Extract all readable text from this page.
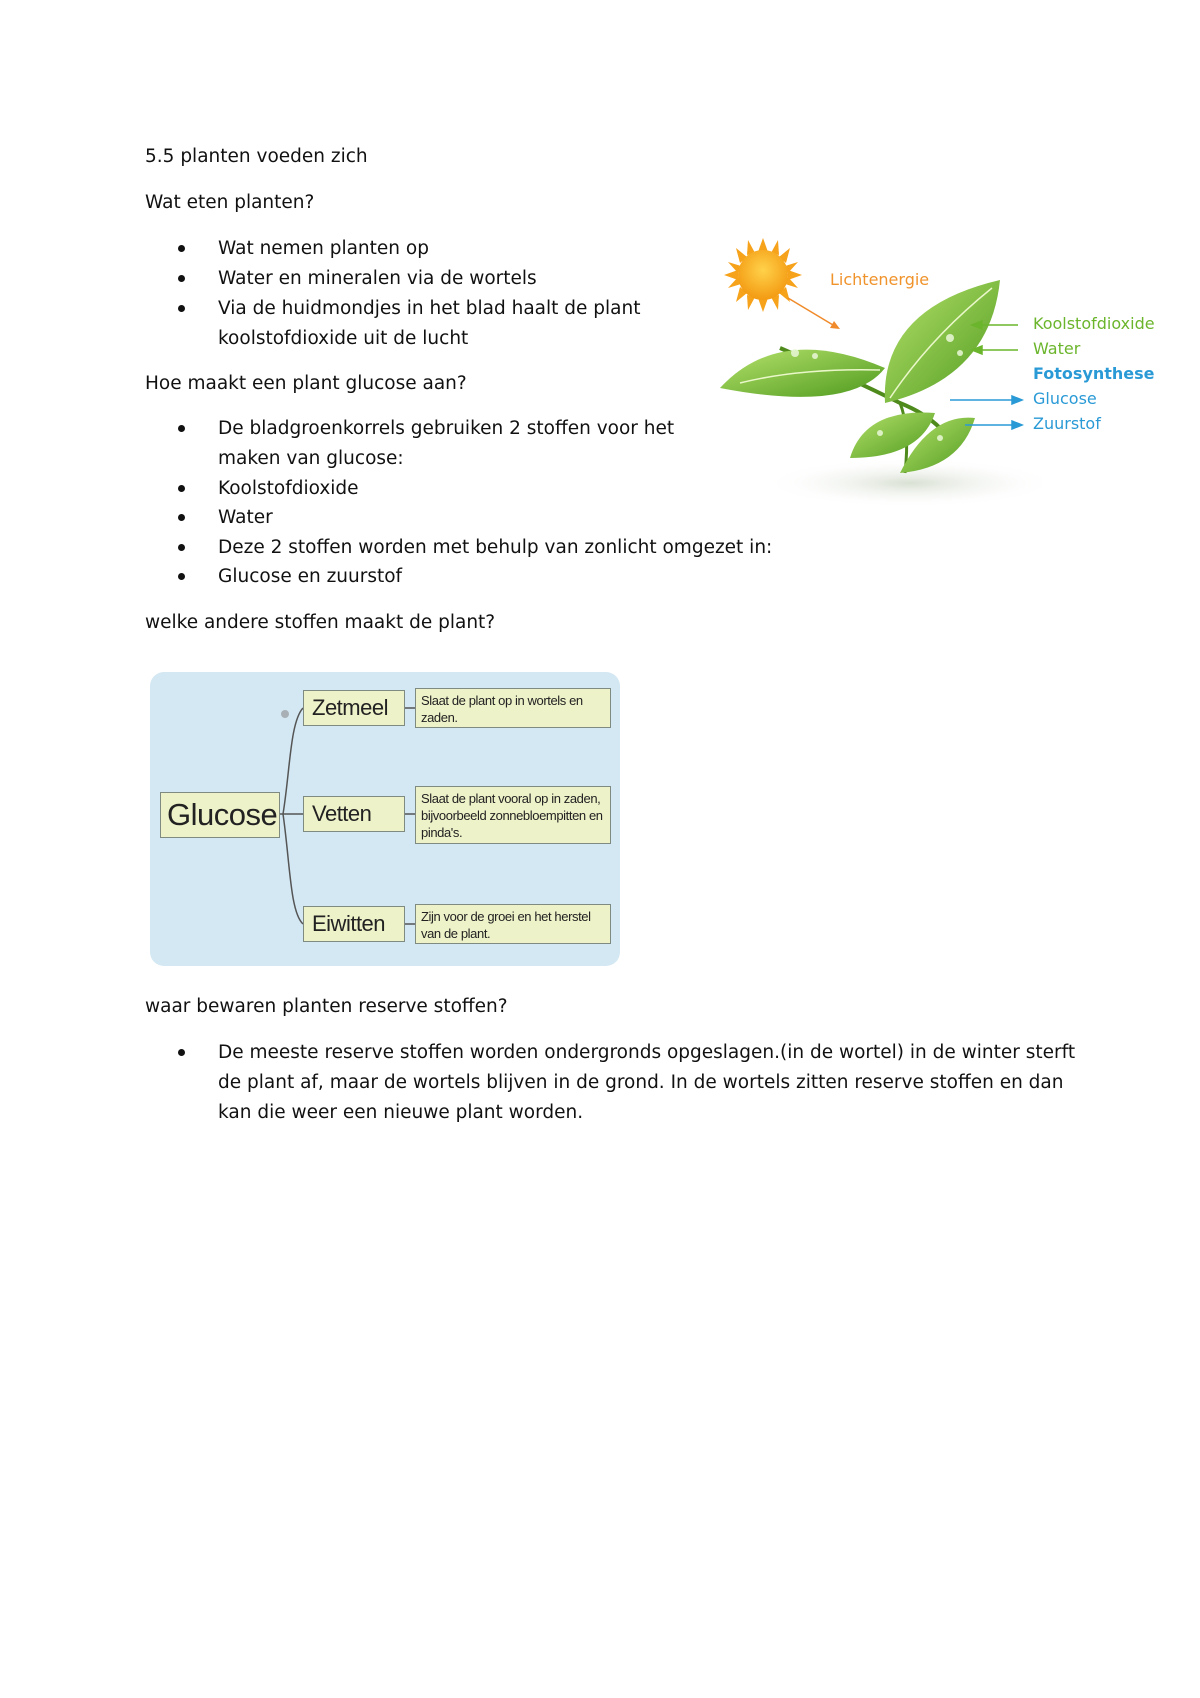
5.5 planten voeden zich
Wat eten planten?
Wat nemen planten op
Water en mineralen via de wortels
Via de huidmondjes in het blad haalt de plant
koolstofdioxide uit de lucht
Hoe maakt een plant glucose aan?
De bladgroenkorrels gebruiken 2 stoffen voor het
maken van glucose:
Koolstofdioxide
Water
Deze 2 stoffen worden met behulp van zonlicht omgezet in:
Glucose en zuurstof
welke andere stoffen maakt de plant?
Glucose
Zetmeel	Slaat de plant op in wortels en zaden.
Vetten
Slaat de plant vooral op in zaden, bijvoorbeeld zonnebloempitten en pinda's.
Eiwitten	Zijn voor de groei en het herstel van de plant.
Lichtenergie
Koolstofdioxide
Water
Fotosynthese
Glucose
Zuurstof
waar bewaren planten reserve stoffen?
De meeste reserve stoffen worden ondergronds opgeslagen.(in de wortel) in de winter sterft
de plant af, maar de wortels blijven in de grond. In de wortels zitten reserve stoffen en dan
kan die weer een nieuwe plant worden.
